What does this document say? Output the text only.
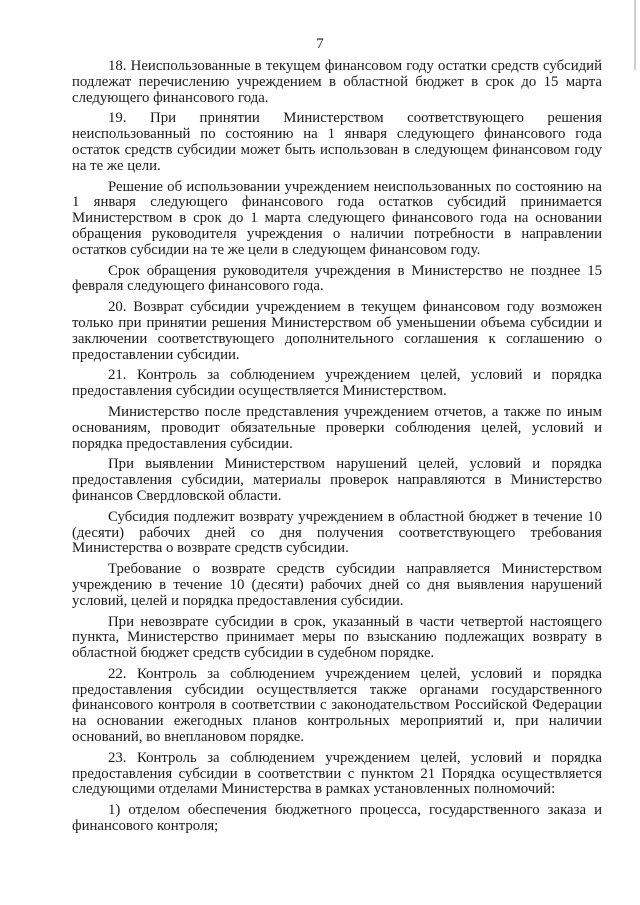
7

18. Неиспользованные в текущем финансовом году остатки средств субсидий подлежат перечислению учреждением в областной бюджет в срок до 15 марта следующего финансового года.

19. При принятии Министерством соответствующего решения неиспользованный по состоянию на 1 января следующего финансового года остаток средств субсидии может быть использован в следующем финансовом году на те же цели.

Решение об использовании учреждением неиспользованных по состоянию на 1 января следующего финансового года остатков субсидий принимается Министерством в срок до 1 марта следующего финансового года на основании обращения руководителя учреждения о наличии потребности в направлении остатков субсидии на те же цели в следующем финансовом году.

Срок обращения руководителя учреждения в Министерство не позднее 15 февраля следующего финансового года.

20. Возврат субсидии учреждением в текущем финансовом году возможен только при принятии решения Министерством об уменьшении объема субсидии и заключении соответствующего дополнительного соглашения к соглашению о предоставлении субсидии.

21. Контроль за соблюдением учреждением целей, условий и порядка предоставления субсидии осуществляется Министерством.

Министерство после представления учреждением отчетов, а также по иным основаниям, проводит обязательные проверки соблюдения целей, условий и порядка предоставления субсидии.

При выявлении Министерством нарушений целей, условий и порядка предоставления субсидии, материалы проверок направляются в Министерство финансов Свердловской области.

Субсидия подлежит возврату учреждением в областной бюджет в течение 10 (десяти) рабочих дней со дня получения соответствующего требования Министерства о возврате средств субсидии.

Требование о возврате средств субсидии направляется Министерством учреждению в течение 10 (десяти) рабочих дней со дня выявления нарушений условий, целей и порядка предоставления субсидии.

При невозврате субсидии в срок, указанный в части четвертой настоящего пункта, Министерство принимает меры по взысканию подлежащих возврату в областной бюджет средств субсидии в судебном порядке.

22. Контроль за соблюдением учреждением целей, условий и порядка предоставления субсидии осуществляется также органами государственного финансового контроля в соответствии с законодательством Российской Федерации на основании ежегодных планов контрольных мероприятий и, при наличии оснований, во внеплановом порядке.

23. Контроль за соблюдением учреждением целей, условий и порядка предоставления субсидии в соответствии с пунктом 21 Порядка осуществляется следующими отделами Министерства в рамках установленных полномочий:

1) отделом обеспечения бюджетного процесса, государственного заказа и финансового контроля;
